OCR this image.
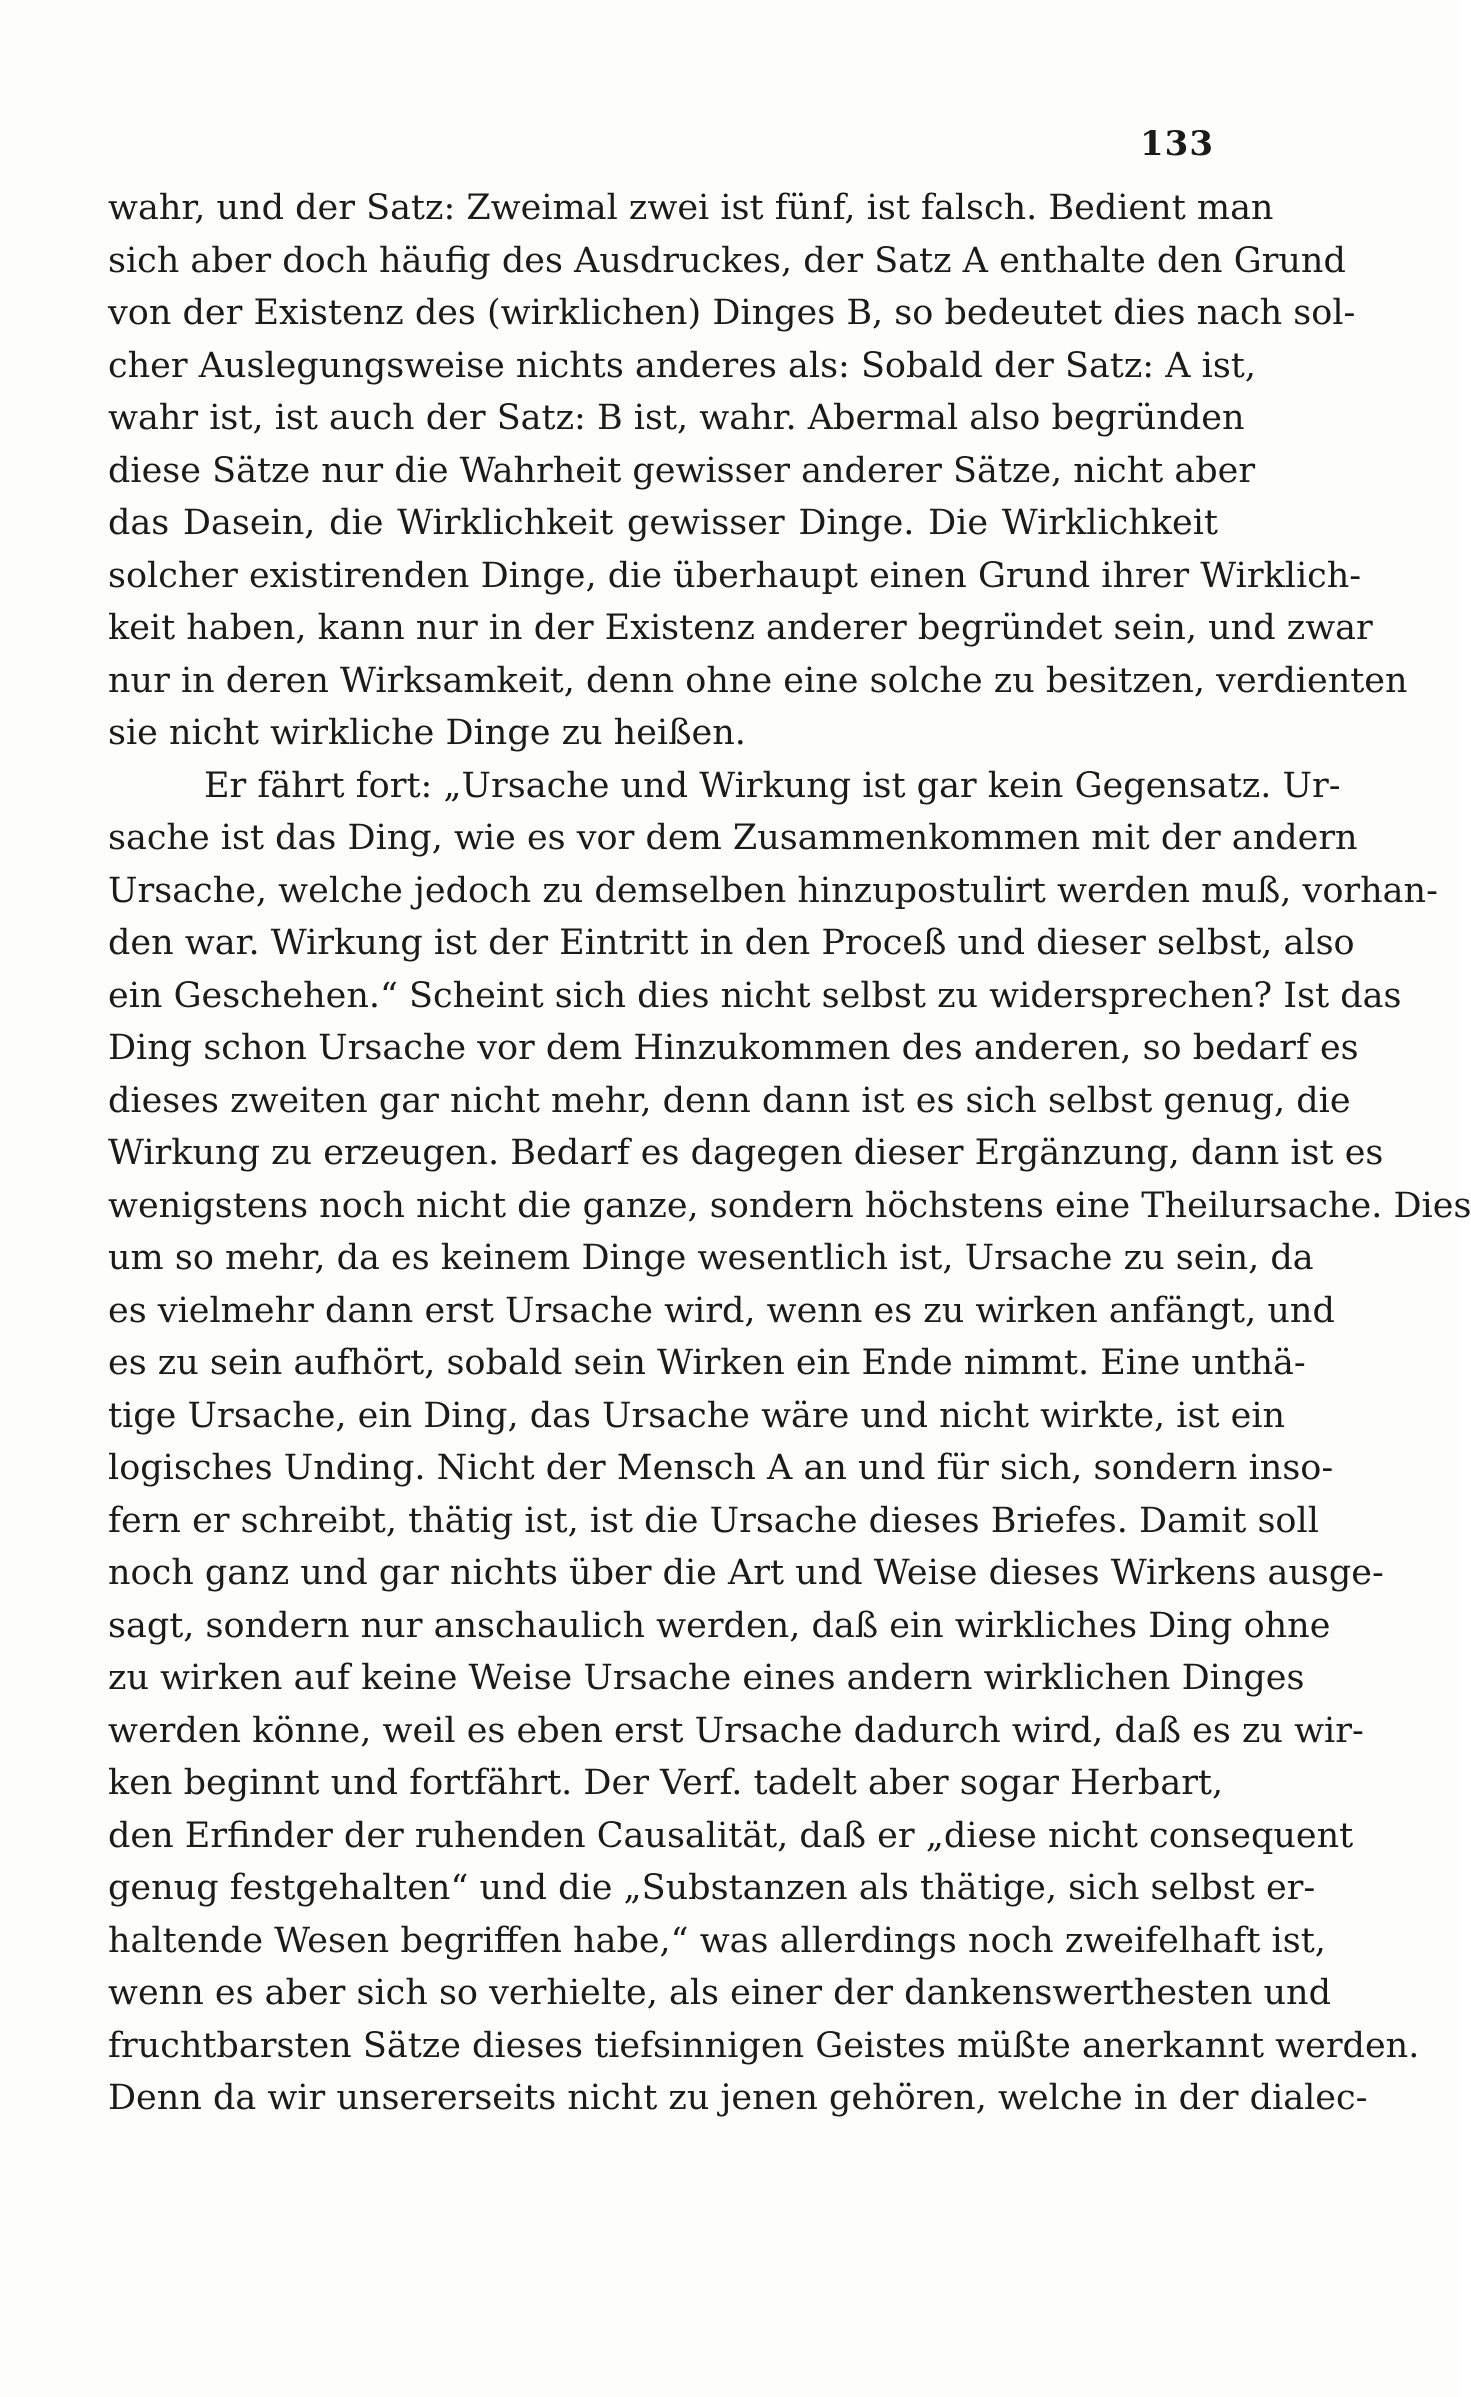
133
wahr, und der Satz: Zweimal zwei ist fünf, ist falsch. Bedient man
sich aber doch häufig des Ausdruckes, der Satz A enthalte den Grund
von der Existenz des (wirklichen) Dinges B, so bedeutet dies nach sol-
cher Auslegungsweise nichts anderes als: Sobald der Satz: A ist,
wahr ist, ist auch der Satz: B ist, wahr. Abermal also begründen
diese Sätze nur die Wahrheit gewisser anderer Sätze, nicht aber
das Dasein, die Wirklichkeit gewisser Dinge. Die Wirklichkeit
solcher existirenden Dinge, die überhaupt einen Grund ihrer Wirklich-
keit haben, kann nur in der Existenz anderer begründet sein, und zwar
nur in deren Wirksamkeit, denn ohne eine solche zu besitzen, verdienten
sie nicht wirkliche Dinge zu heißen.
Er fährt fort: „Ursache und Wirkung ist gar kein Gegensatz. Ur-
sache ist das Ding, wie es vor dem Zusammenkommen mit der andern
Ursache, welche jedoch zu demselben hinzupostulirt werden muß, vorhan-
den war. Wirkung ist der Eintritt in den Proceß und dieser selbst, also
ein Geschehen.“ Scheint sich dies nicht selbst zu widersprechen? Ist das
Ding schon Ursache vor dem Hinzukommen des anderen, so bedarf es
dieses zweiten gar nicht mehr, denn dann ist es sich selbst genug, die
Wirkung zu erzeugen. Bedarf es dagegen dieser Ergänzung, dann ist es
wenigstens noch nicht die ganze, sondern höchstens eine Theilursache. Dies
um so mehr, da es keinem Dinge wesentlich ist, Ursache zu sein, da
es vielmehr dann erst Ursache wird, wenn es zu wirken anfängt, und
es zu sein aufhört, sobald sein Wirken ein Ende nimmt. Eine unthä-
tige Ursache, ein Ding, das Ursache wäre und nicht wirkte, ist ein
logisches Unding. Nicht der Mensch A an und für sich, sondern inso-
fern er schreibt, thätig ist, ist die Ursache dieses Briefes. Damit soll
noch ganz und gar nichts über die Art und Weise dieses Wirkens ausge-
sagt, sondern nur anschaulich werden, daß ein wirkliches Ding ohne
zu wirken auf keine Weise Ursache eines andern wirklichen Dinges
werden könne, weil es eben erst Ursache dadurch wird, daß es zu wir-
ken beginnt und fortfährt. Der Verf. tadelt aber sogar Herbart,
den Erfinder der ruhenden Causalität, daß er „diese nicht consequent
genug festgehalten“ und die „Substanzen als thätige, sich selbst er-
haltende Wesen begriffen habe,“ was allerdings noch zweifelhaft ist,
wenn es aber sich so verhielte, als einer der dankenswerthesten und
fruchtbarsten Sätze dieses tiefsinnigen Geistes müßte anerkannt werden.
Denn da wir unsererseits nicht zu jenen gehören, welche in der dialec-
